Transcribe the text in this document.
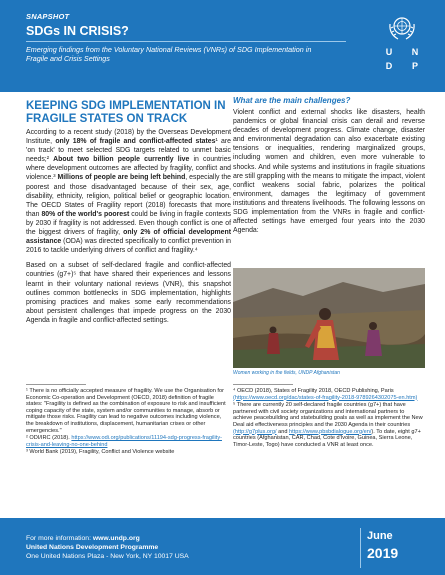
SNAPSHOT
SDGs IN CRISIS?
Emerging findings from the Voluntary National Reviews (VNRs) of SDG Implementation in Fragile and Crisis Settings
U	N
D	P
KEEPING SDG IMPLEMENTATION IN FRAGILE STATES ON TRACK

According to a recent study (2018) by the Overseas Development Institute, only 18% of fragile and conflict-affected states¹ are 'on track' to meet selected SDG targets related to unmet basic needs;² About two billion people currently live in countries where development outcomes are affected by fragility, conflict and violence.³ Millions of people are being left behind, especially the poorest and those disadvantaged because of their sex, age, disability, ethnicity, religion, political belief or geographic location. The OECD States of Fragility report (2018) forecasts that more than 80% of the world's poorest could be living in fragile contexts by 2030 if fragility is not addressed. Even though conflict is one of the biggest drivers of fragility, only 2% of official development assistance (ODA) was directed specifically to conflict prevention in 2016 to tackle underlying drivers of conflict and fragility.⁴

Based on a subset of self-declared fragile and conflict-affected countries (g7+)⁵ that have shared their experiences and lessons learnt in their voluntary national reviews (VNR), this snapshot outlines common bottlenecks in SDG implementation, highlights promising practices and makes some early recommendations about persistent challenges that impede progress on the 2030 Agenda in fragile and conflict-affected settings.

What are the main challenges?

Violent conflict and external shocks like disasters, health pandemics or global financial crisis can derail and reverse decades of development progress. Climate change, disaster and environmental degradation can also exacerbate existing tensions or inequalities, rendering marginalized groups, including women and children, even more vulnerable to shocks. And while systems and institutions in fragile situations are still grappling with the means to mitigate the impact, violent conflict weakens social fabric, polarizes the political environment, damages the legitimacy of government institutions and threatens livelihoods. The following lessons on SDG implementation from the VNRs in fragile and conflict-affected settings have emerged four years into the 2030 Agenda:

Women working in the fields, UNDP Afghanistan

¹ There is no officially accepted measure of fragility. We use the Organisation for Economic Co-operation and Development (OECD, 2018) definition of fragile states: "Fragility is defined as the combination of exposure to risk and insufficient coping capacity of the state, system and/or communities to manage, absorb or mitigate those risks. Fragility can lead to negative outcomes including violence, the breakdown of institutions, displacement, humanitarian crises or other emergencies."

² ODI/IRC (2018). https://www.odi.org/publications/11194-sdg-progress-fragility-crisis-and-leaving-no-one-behind

³ World Bank (2019), Fragility, Conflict and Violence website

⁴ OECD (2018), States of Fragility 2018, OECD Publishing, Paris (https://www.oecd.org/dac/states-of-fragility-2018-9789264302075-en.htm)

⁵ There are currently 20 self-declared fragile countries (g7+) that have partnered with civil society organizations and international partners to achieve peacebuilding and statebuilding goals as well as implement the New Deal aid effectiveness principles and the 2030 Agenda in their countries (http://g7plus.org/ and https://www.pbsbdialogue.org/en/). To date, eight g7+ countries (Afghanistan, CAR, Chad, Cote d'Ivoire, Guinea, Sierra Leone, Timor-Leste, Togo) have conducted a VNR at least once.

For more information: www.undp.org
United Nations Development Programme
One United Nations Plaza - New York, NY 10017 USA
June
2019
